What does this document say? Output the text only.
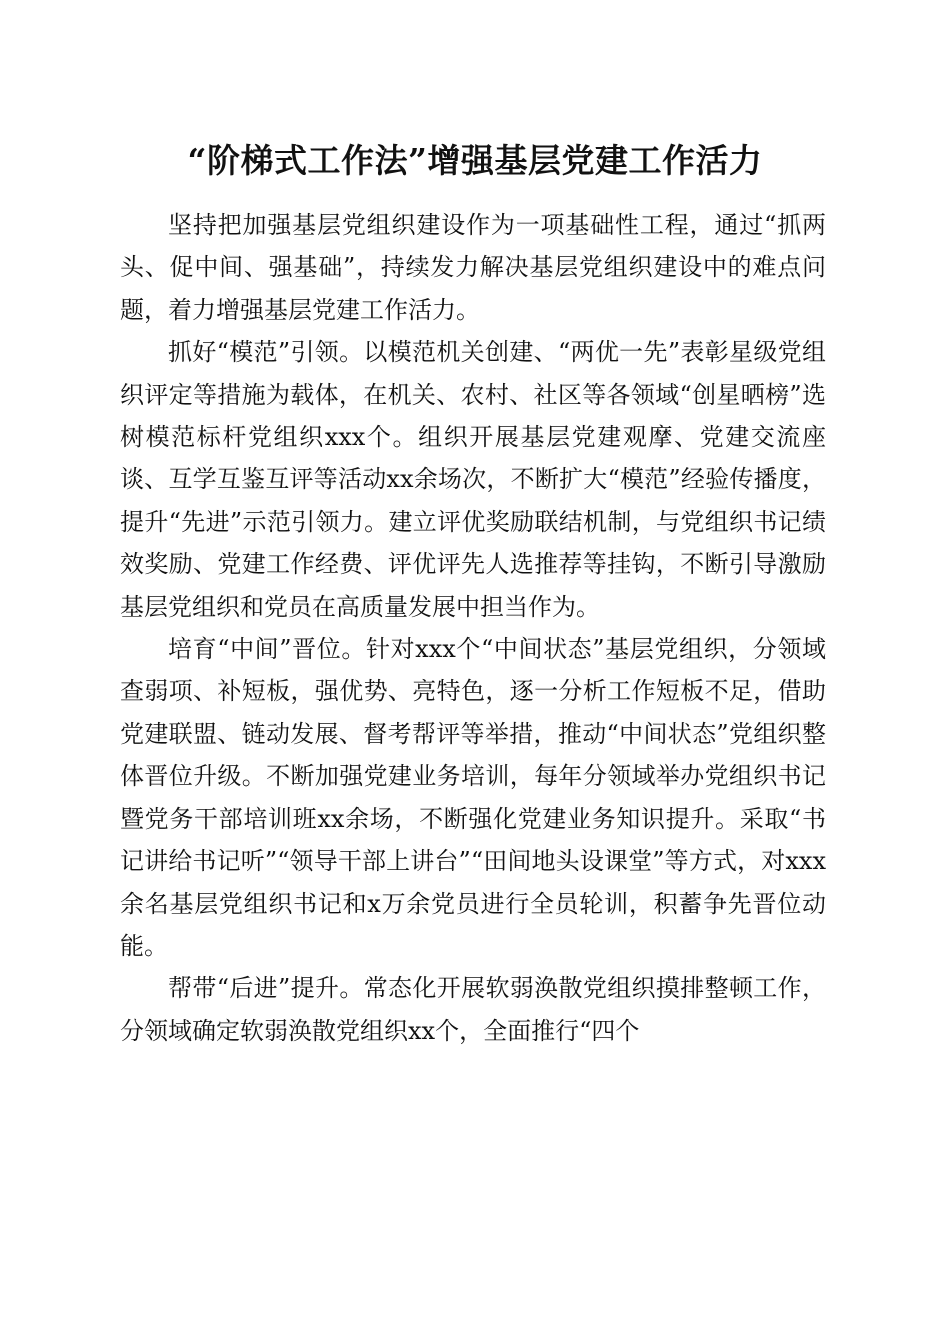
“阶梯式工作法”增强基层党建工作活力

坚持把加强基层党组织建设作为一项基础性工程，通过“抓两头、促中间、强基础”，持续发力解决基层党组织建设中的难点问题，着力增强基层党建工作活力。

抓好“模范”引领。以模范机关创建、“两优一先”表彰星级党组织评定等措施为载体，在机关、农村、社区等各领域“创星晒榜”选树模范标杆党组织xxx个。组织开展基层党建观摩、党建交流座谈、互学互鉴互评等活动xx余场次，不断扩大“模范”经验传播度，提升“先进”示范引领力。建立评优奖励联结机制，与党组织书记绩效奖励、党建工作经费、评优评先人选推荐等挂钩，不断引导激励基层党组织和党员在高质量发展中担当作为。

培育“中间”晋位。针对xxx个“中间状态”基层党组织，分领域查弱项、补短板，强优势、亮特色，逐一分析工作短板不足，借助党建联盟、链动发展、督考帮评等举措，推动“中间状态”党组织整体晋位升级。不断加强党建业务培训，每年分领域举办党组织书记暨党务干部培训班xx余场，不断强化党建业务知识提升。采取“书记讲给书记听”“领导干部上讲台”“田间地头设课堂”等方式，对xxx余名基层党组织书记和x万余党员进行全员轮训，积蓄争先晋位动能。

帮带“后进”提升。常态化开展软弱涣散党组织摸排整顿工作，分领域确定软弱涣散党组织xx个，全面推行“四个
